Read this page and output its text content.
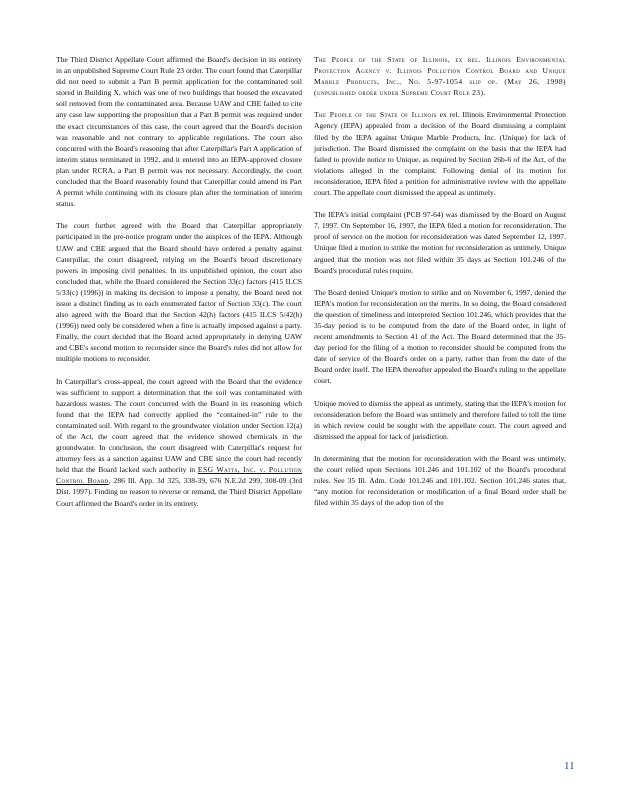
The Third District Appellate Court affirmed the Board's decision in its entirety in an unpublished Supreme Court Rule 23 order. The court found that Caterpillar did not need to submit a Part B permit application for the contaminated soil stored in Building X, which was one of two buildings that housed the excavated soil removed from the contaminated area. Because UAW and CBE failed to cite any case law supporting the proposition that a Part B permit was required under the exact circumstances of this case, the court agreed that the Board's decision was reasonable and not contrary to applicable regulations. The court also concurred with the Board's reasoning that after Caterpillar's Part A application of interim status terminated in 1992, and it entered into an IEPA-approved closure plan under RCRA, a Part B permit was not necessary. Accordingly, the court concluded that the Board reasonably found that Caterpillar could amend its Part A permit while continuing with its closure plan after the termination of interim status.

The court further agreed with the Board that Caterpillar appropriately participated in the pre-notice program under the auspices of the IEPA. Although UAW and CBE argued that the Board should have ordered a penalty against Caterpillar, the court disagreed, relying on the Board's broad discretionary powers in imposing civil penalties. In its unpublished opinion, the court also concluded that, while the Board considered the Section 33(c) factors (415 ILCS 5/33(c) (1996)) in making its decision to impose a penalty, the Board need not issue a distinct finding as to each enumerated factor of Section 33(c). The court also agreed with the Board that the Section 42(h) factors (415 ILCS 5/42(h) (1996)) need only be considered when a fine is actually imposed against a party. Finally, the court decided that the Board acted appropriately in denying UAW and CBE's second motion to reconsider since the Board's rules did not allow for multiple motions to reconsider.

In Caterpillar's cross-appeal, the court agreed with the Board that the evidence was sufficient to support a determination that the soil was contaminated with hazardous wastes. The court concurred with the Board in its reasoning which found that the IEPA had correctly applied the “contained-in” rule to the contaminated soil. With regard to the groundwater violation under Section 12(a) of the Act, the court agreed that the evidence showed chemicals in the groundwater. In conclusion, the court disagreed with Caterpillar's request for attorney fees as a sanction against UAW and CBE since the court had recently held that the Board lacked such authority in ESG Watts, Inc. v. Pollution Control Board, 286 Ill. App. 3d 325, 338-39, 676 N.E.2d 299, 308-09 (3rd Dist. 1997). Finding no reason to reverse or remand, the Third District Appellate Court affirmed the Board's order in its entirety.

The People of the State of Illinois, ex rel. Illinois Environmental Protection Agency v. Illinois Pollution Control Board and Unique Marble Products, Inc., No. 5-97-1054 slip op. (May 26, 1998) (unpublished order under Supreme Court Rule 23).

The People of the State of Illinois ex rel. Illinois Environmental Protection Agency (IEPA) appealed from a decision of the Board dismissing a complaint filed by the IEPA against Unique Marble Products, Inc. (Unique) for lack of jurisdiction. The Board dismissed the complaint on the basis that the IEPA had failed to provide notice to Unique, as required by Section 26b-6 of the Act, of the violations alleged in the complaint. Following denial of its motion for reconsideration, IEPA filed a petition for administrative review with the appellate court. The appellate court dismissed the appeal as untimely.

The IEPA's initial complaint (PCB 97-64) was dismissed by the Board on August 7, 1997. On September 16, 1997, the IEPA filed a motion for reconsideration. The proof of service on the motion for reconsideration was dated September 12, 1997. Unique filed a motion to strike the motion for reconsideration as untimely. Unique argued that the motion was not filed within 35 days as Section 101.246 of the Board's procedural rules require.

The Board denied Unique's motion to strike and on November 6, 1997, denied the IEPA's motion for reconsideration on the merits. In so doing, the Board considered the question of timeliness and interpreted Section 101.246, which provides that the 35-day period is to be computed from the date of the Board order, in light of recent amendments to Section 41 of the Act. The Board determined that the 35-day period for the filing of a motion to reconsider should be computed from the date of service of the Board's order on a party, rather than from the date of the Board order itself. The IEPA thereafter appealed the Board's ruling to the appellate court.

Unique moved to dismiss the appeal as untimely, stating that the IEPA's motion for reconsideration before the Board was untimely and therefore failed to toll the time in which review could be sought with the appellate court. The court agreed and dismissed the appeal for lack of jurisdiction.

In determining that the motion for reconsideration with the Board was untimely, the court relied upon Sections 101.246 and 101.102 of the Board's procedural rules. See 35 Ill. Adm. Code 101.246 and 101.102. Section 101.246 states that, “any motion for reconsideration or modification of a final Board order shall be filed within 35 days of the adop tion of the

11
